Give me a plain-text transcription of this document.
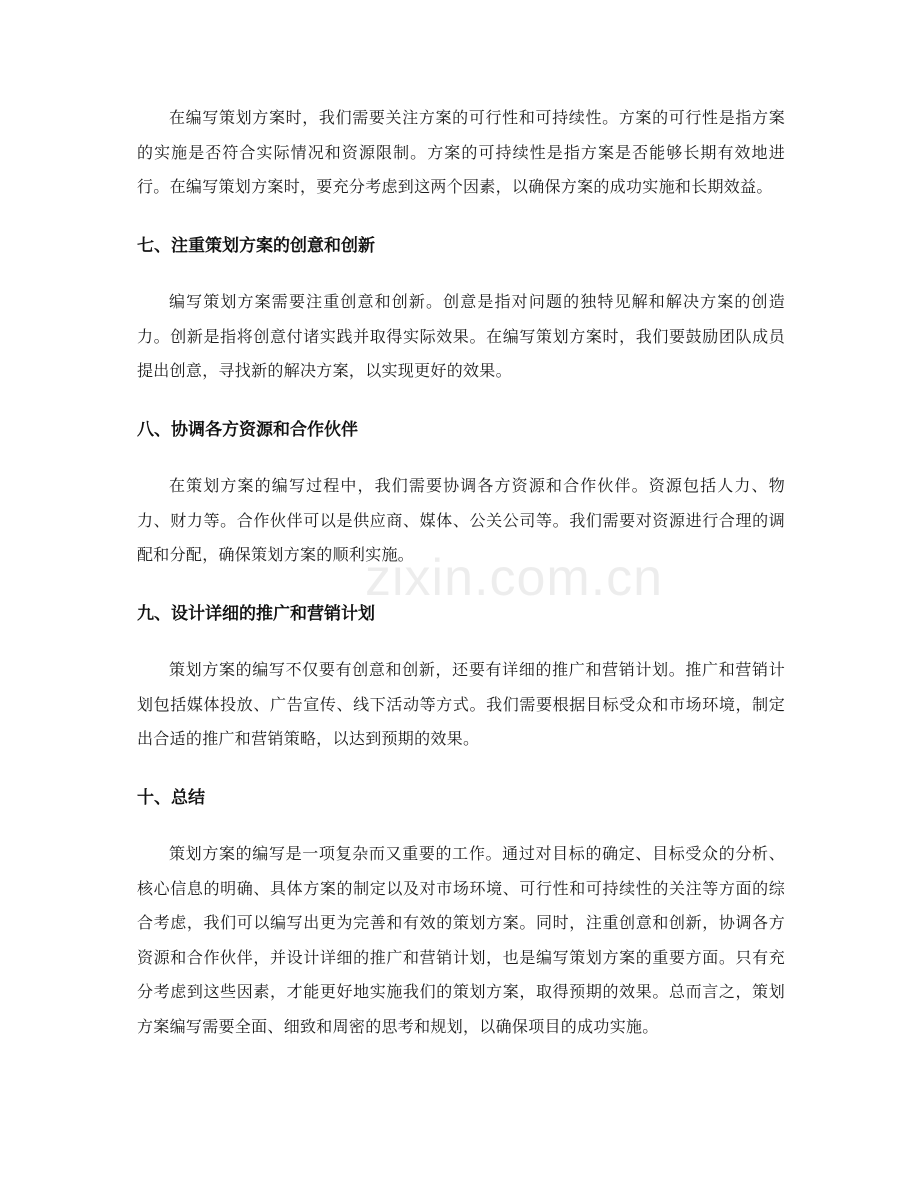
在编写策划方案时，我们需要关注方案的可行性和可持续性。方案的可行性是指方案的实施是否符合实际情况和资源限制。方案的可持续性是指方案是否能够长期有效地进行。在编写策划方案时，要充分考虑到这两个因素，以确保方案的成功实施和长期效益。

七、注重策划方案的创意和创新

编写策划方案需要注重创意和创新。创意是指对问题的独特见解和解决方案的创造力。创新是指将创意付诸实践并取得实际效果。在编写策划方案时，我们要鼓励团队成员提出创意，寻找新的解决方案，以实现更好的效果。

八、协调各方资源和合作伙伴

在策划方案的编写过程中，我们需要协调各方资源和合作伙伴。资源包括人力、物力、财力等。合作伙伴可以是供应商、媒体、公关公司等。我们需要对资源进行合理的调配和分配，确保策划方案的顺利实施。

九、设计详细的推广和营销计划

策划方案的编写不仅要有创意和创新，还要有详细的推广和营销计划。推广和营销计划包括媒体投放、广告宣传、线下活动等方式。我们需要根据目标受众和市场环境，制定出合适的推广和营销策略，以达到预期的效果。

十、总结

策划方案的编写是一项复杂而又重要的工作。通过对目标的确定、目标受众的分析、核心信息的明确、具体方案的制定以及对市场环境、可行性和可持续性的关注等方面的综合考虑，我们可以编写出更为完善和有效的策划方案。同时，注重创意和创新，协调各方资源和合作伙伴，并设计详细的推广和营销计划，也是编写策划方案的重要方面。只有充分考虑到这些因素，才能更好地实施我们的策划方案，取得预期的效果。总而言之，策划方案编写需要全面、细致和周密的思考和规划，以确保项目的成功实施。

zixin.com.cn
